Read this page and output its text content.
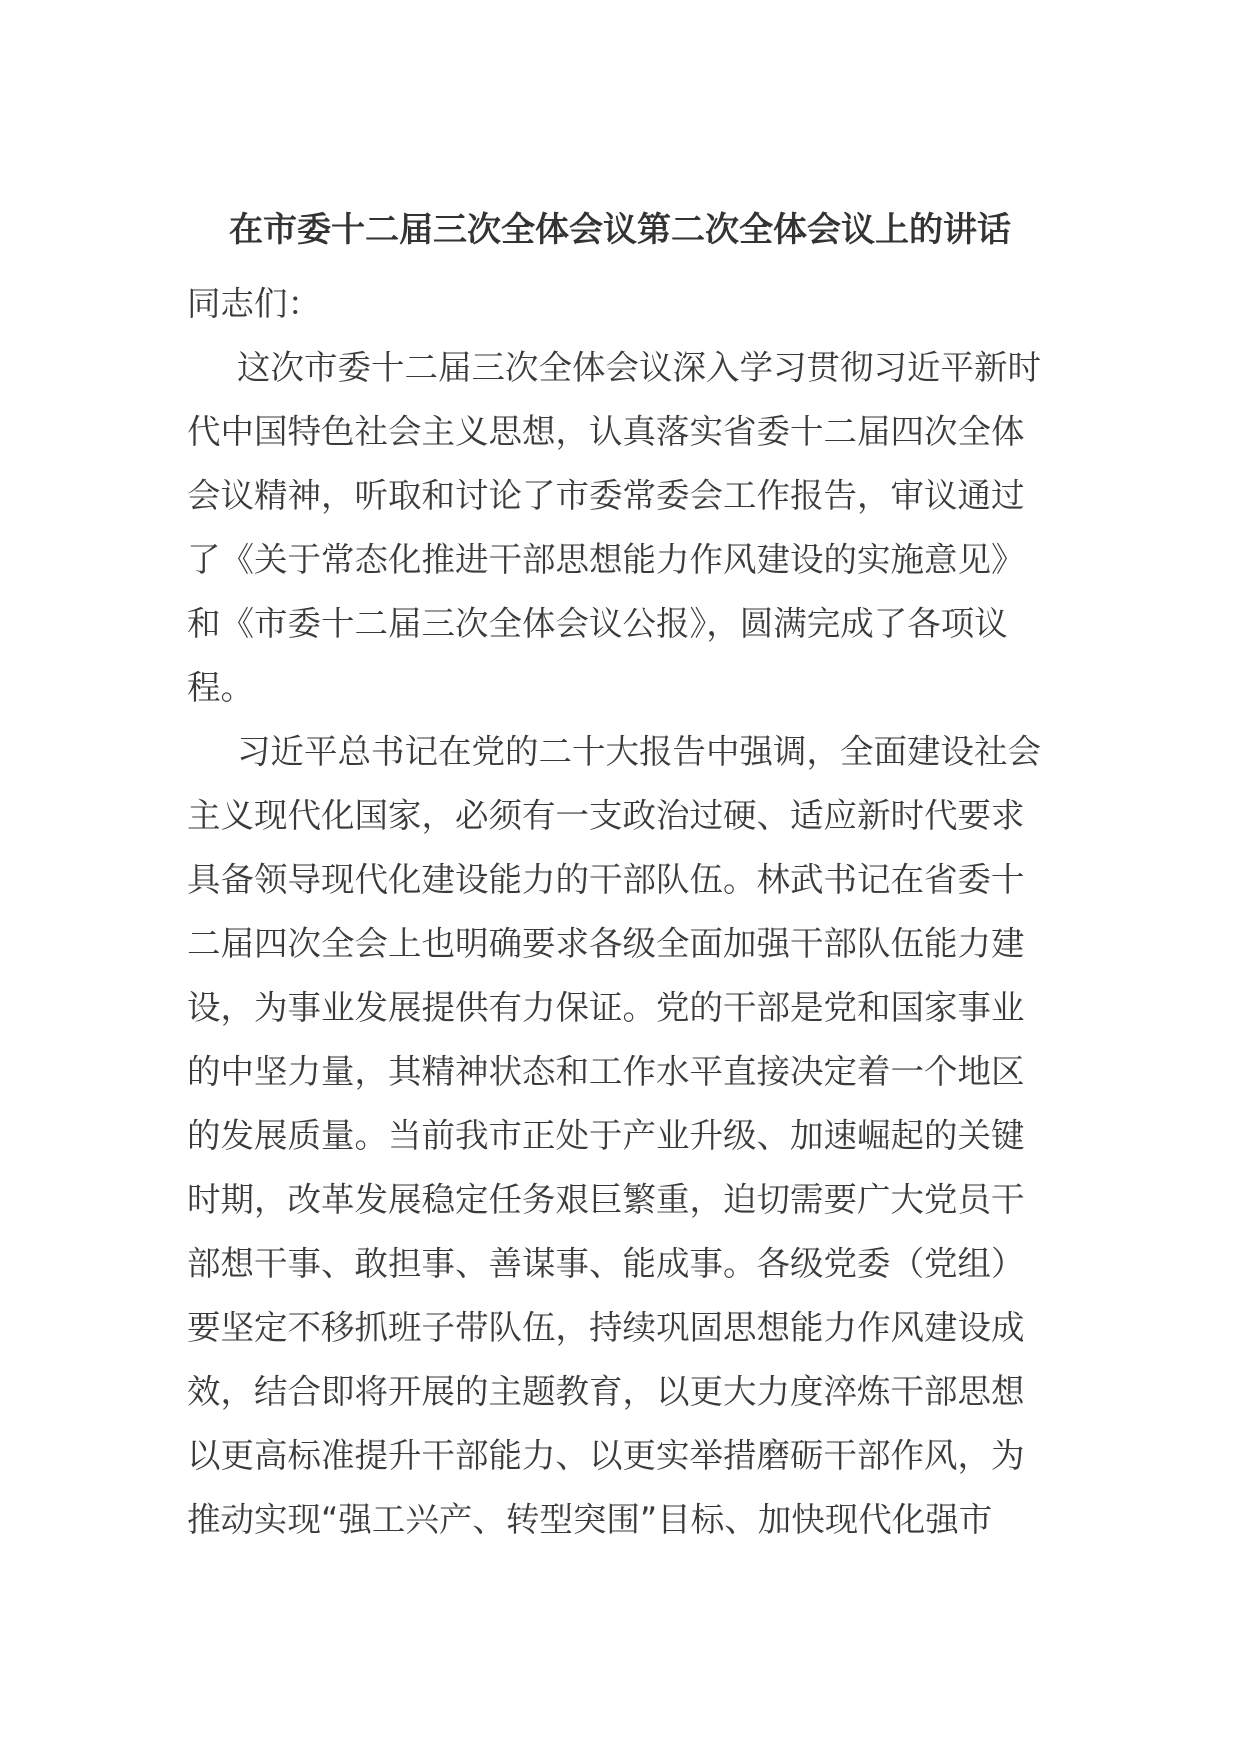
在市委十二届三次全体会议第二次全体会议上的讲话
同志们：
这次市委十二届三次全体会议深入学习贯彻习近平新时
代中国特色社会主义思想，认真落实省委十二届四次全体
会议精神，听取和讨论了市委常委会工作报告，审议通过
了《关于常态化推进干部思想能力作风建设的实施意见》
和《市委十二届三次全体会议公报》，圆满完成了各项议
程。
习近平总书记在党的二十大报告中强调，全面建设社会
主义现代化国家，必须有一支政治过硬、适应新时代要求
具备领导现代化建设能力的干部队伍。林武书记在省委十
二届四次全会上也明确要求各级全面加强干部队伍能力建
设，为事业发展提供有力保证。党的干部是党和国家事业
的中坚力量，其精神状态和工作水平直接决定着一个地区
的发展质量。当前我市正处于产业升级、加速崛起的关键
时期，改革发展稳定任务艰巨繁重，迫切需要广大党员干
部想干事、敢担事、善谋事、能成事。各级党委（党组）
要坚定不移抓班子带队伍，持续巩固思想能力作风建设成
效，结合即将开展的主题教育，以更大力度淬炼干部思想
以更高标准提升干部能力、以更实举措磨砺干部作风，为
推动实现“强工兴产、转型突围”目标、加快现代化强市
